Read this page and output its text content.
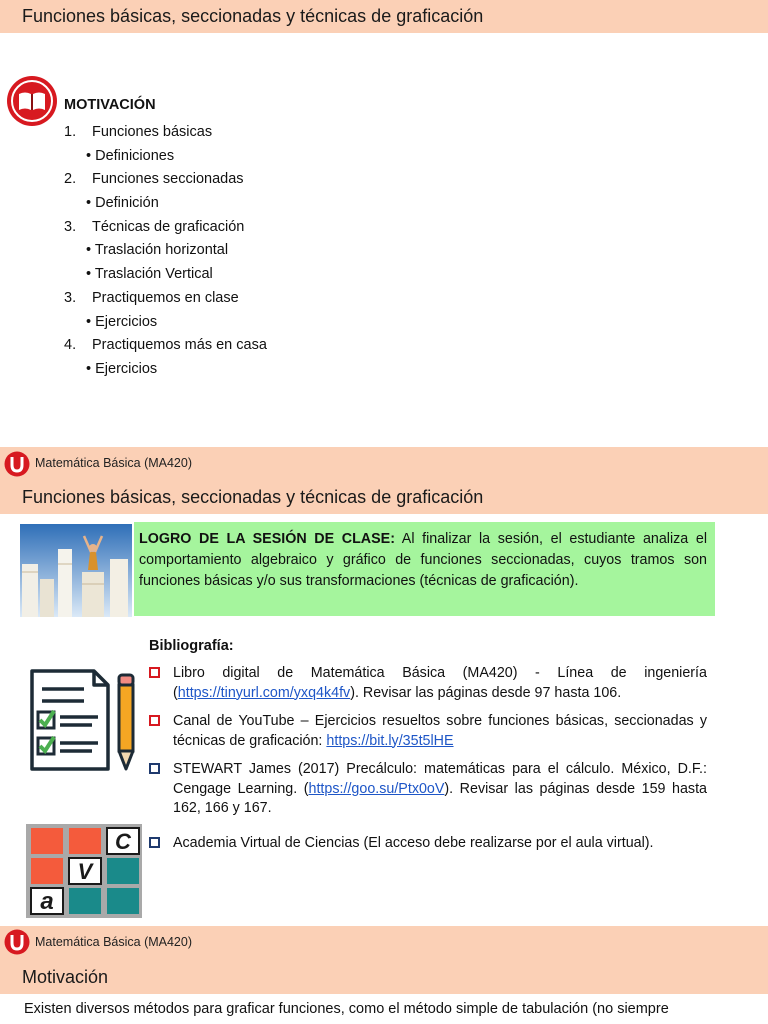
Funciones básicas, seccionadas y técnicas de graficación
MOTIVACIÓN
1. Funciones básicas
• Definiciones
2. Funciones seccionadas
• Definición
3. Técnicas de graficación
• Traslación horizontal
• Traslación Vertical
3. Practiquemos en clase
• Ejercicios
4. Practiquemos más en casa
• Ejercicios
Matemática Básica (MA420)
Funciones básicas, seccionadas y técnicas de graficación
LOGRO DE LA SESIÓN DE CLASE: Al finalizar la sesión, el estudiante analiza el comportamiento algebraico y gráfico de funciones seccionadas, cuyos tramos son funciones básicas y/o sus transformaciones (técnicas de graficación).
Bibliografía:
Libro digital de Matemática Básica (MA420) - Línea de ingeniería (https://tinyurl.com/yxq4k4fv). Revisar las páginas desde 97 hasta 106.
Canal de YouTube – Ejercicios resueltos sobre funciones básicas, seccionadas y técnicas de graficación: https://bit.ly/35t5lHE
STEWART James (2017) Precálculo: matemáticas para el cálculo. México, D.F.: Cengage Learning. (https://goo.su/Ptx0oV). Revisar las páginas desde 159 hasta 162, 166 y 167.
C
V
a
Academia Virtual de Ciencias (El acceso debe realizarse por el aula virtual).
Matemática Básica (MA420)
Motivación
Existen diversos métodos para graficar funciones, como el método simple de tabulación (no siempre
